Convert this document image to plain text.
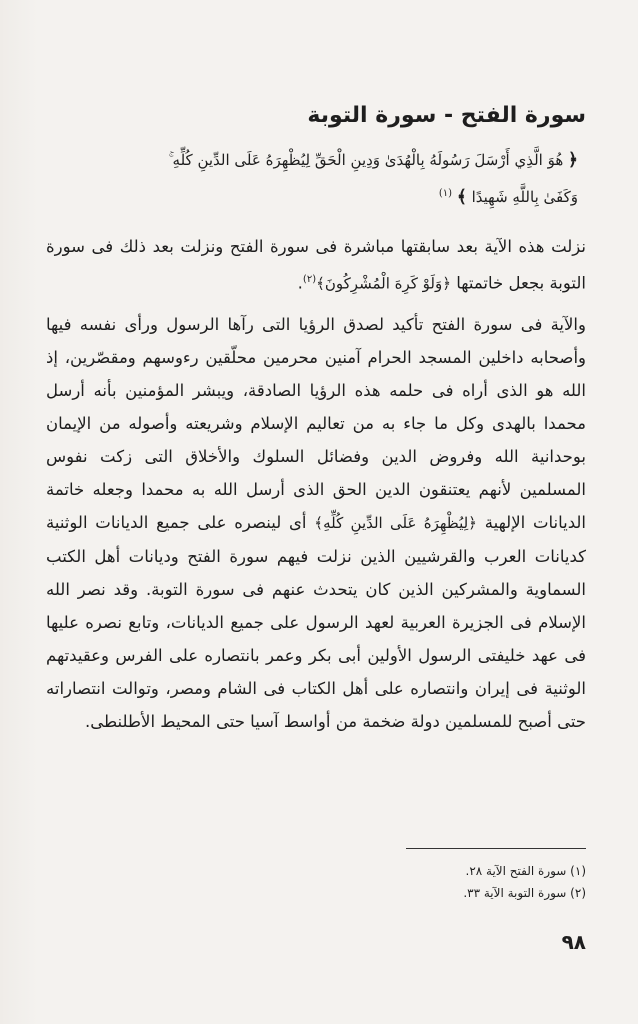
سورة الفتح - سورة التوبة
﴿ هُوَ الَّذِي أَرْسَلَ رَسُولَهُ بِالْهُدَىٰ وَدِينِ الْحَقِّ لِيُظْهِرَهُ عَلَى الدِّينِ كُلِّهِ ۚ
وَكَفَىٰ بِاللَّهِ شَهِيدًا ﴾ $^{(١)}$

نزلت هذه الآية بعد سابقتها مباشرة فى سورة الفتح ونزلت بعد ذلك فى سورة التوبة بجعل خاتمتها ﴿وَلَوْ كَرِهَ الْمُشْرِكُونَ﴾$^{(٢)}$.

والآية فى سورة الفتح تأكيد لصدق الرؤيا التى رآها الرسول ورأى نفسه فيها وأصحابه داخلين المسجد الحرام آمنين محرمين محلّقين رءوسهم ومقصّرين، إذ الله هو الذى أراه فى حلمه هذه الرؤيا الصادقة، ويبشر المؤمنين بأنه أرسل محمدا بالهدى وكل ما جاء به من تعاليم الإسلام وشريعته وأصوله من الإيمان بوحدانية الله وفروض الدين وفضائل السلوك والأخلاق التى زكت نفوس المسلمين لأنهم يعتنقون الدين الحق الذى أرسل الله به محمدا وجعله خاتمة الديانات الإلهية ﴿لِيُظْهِرَهُ عَلَى الدِّينِ كُلِّهِ﴾ أى لينصره على جميع الديانات الوثنية كديانات العرب والقرشيين الذين نزلت فيهم سورة الفتح وديانات أهل الكتب السماوية والمشركين الذين كان يتحدث عنهم فى سورة التوبة. وقد نصر الله الإسلام فى الجزيرة العربية لعهد الرسول على جميع الديانات، وتابع نصره عليها فى عهد خليفتى الرسول الأولين أبى بكر وعمر بانتصاره على الفرس وعقيدتهم الوثنية فى إيران وانتصاره على أهل الكتاب فى الشام ومصر، وتوالت انتصاراته حتى أصبح للمسلمين دولة ضخمة من أواسط آسيا حتى المحيط الأطلنطى.

(١) سورة الفتح الآية ٢٨.
(٢) سورة التوبة الآية ٣٣.
٩٨
